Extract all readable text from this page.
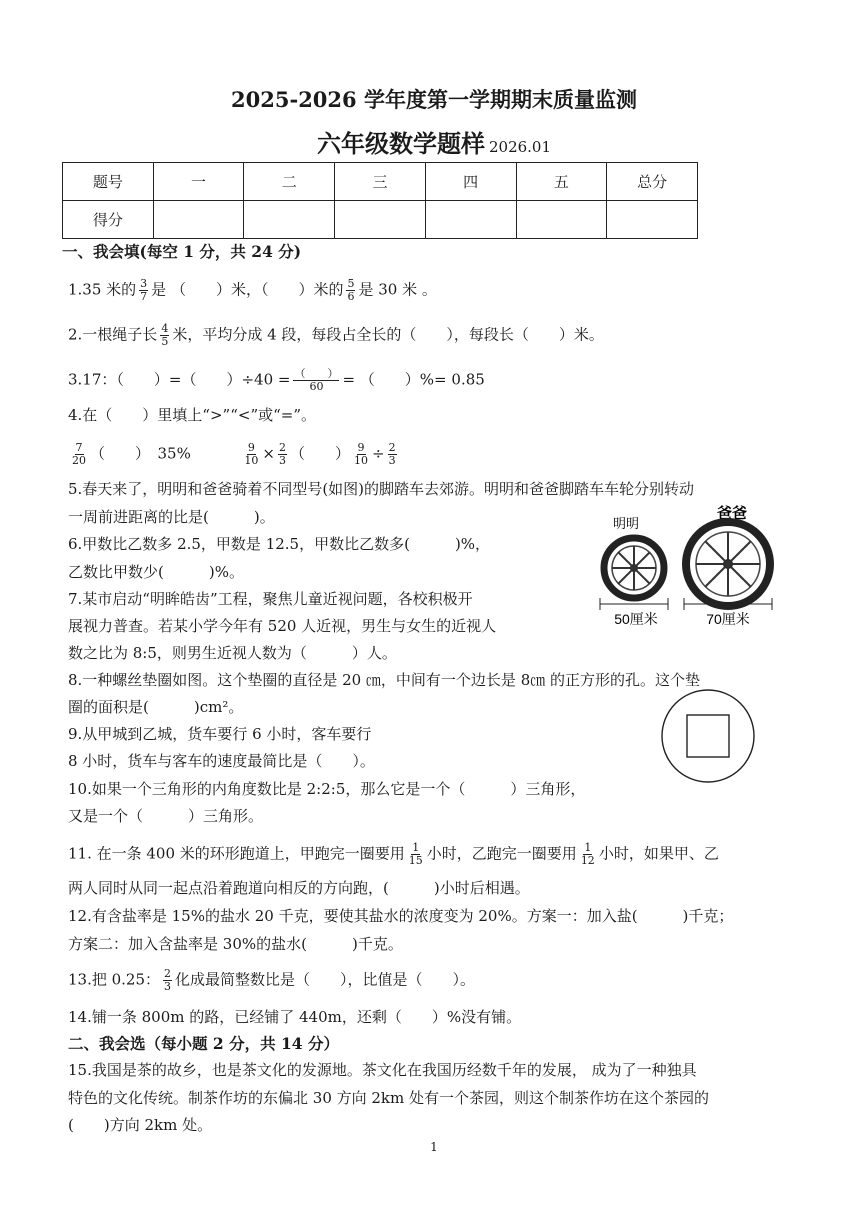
2025-2026 学年度第一学期期末质量监测
六年级数学题样 2026.01
题号	一	二	三	四	五	总分
得分						
一、我会填(每空 1 分，共 24 分)
1.35 米的 $\frac{3}{7}$ 是 （　　）米，（　　）米的 $\frac{5}{6}$ 是 30 米 。
2.一根绳子长 $\frac{4}{5}$ 米，平均分成 4 段，每段占全长的（　　），每段长（　　）米。
3.17：（　　）=（　　）$\div 40 = \frac{( )}{60}$ = （　　）%= 0.85
4.在（　　）里填上“>”“<”或“=”。
$\frac{7}{20}$ （　　）　35%	$\frac{9}{10} \times \frac{2}{3}$ （　　） $\frac{9}{10} \div \frac{2}{3}$
5.春天来了，明明和爸爸骑着不同型号(如图)的脚踏车去郊游。明明和爸爸脚踏车车轮分别转动
一周前进距离的比是(　　　)。
6.甲数比乙数多 2.5，甲数是 12.5，甲数比乙数多(　　　)%，
乙数比甲数少(　　　)%。
7.某市启动“明眸皓齿”工程，聚焦儿童近视问题，各校积极开
展视力普查。若某小学今年有 520 人近视，男生与女生的近视人
数之比为 8:5，则男生近视人数为（　　　）人。
明明
爸爸
50厘米	70厘米
8.一种螺丝垫圈如图。这个垫圈的直径是 20 ㎝，中间有一个边长是 8㎝ 的正方形的孔。这个垫
圈的面积是(　　　)cm²。
9.从甲城到乙城，货车要行 6 小时，客车要行
8 小时，货车与客车的速度最简比是（　　）。
10.如果一个三角形的内角度数比是 2:2:5，那么它是一个（　　　）三角形，
又是一个（　　　）三角形。
11. 在一条 400 米的环形跑道上，甲跑完一圈要用 $\frac{1}{15}$ 小时，乙跑完一圈要用 $\frac{1}{12}$ 小时，如果甲、乙
两人同时从同一起点沿着跑道向相反的方向跑，(　　　)小时后相遇。
12.有含盐率是 15%的盐水 20 千克，要使其盐水的浓度变为 20%。方案一：加入盐(　　　)千克；
方案二：加入含盐率是 30%的盐水(　　　)千克。
13.把 0.25： $\frac{2}{3}$ 化成最简整数比是（　　），比值是（　　）。
14.铺一条 800m 的路，已经铺了 440m，还剩（　　）%没有铺。
二、我会选（每小题 2 分，共 14 分）
15.我国是茶的故乡，也是茶文化的发源地。茶文化在我国历经数千年的发展， 成为了一种独具
特色的文化传统。制茶作坊的东偏北 30 方向 2km 处有一个茶园，则这个制茶作坊在这个茶园的
(　　)方向 2km 处。
1
